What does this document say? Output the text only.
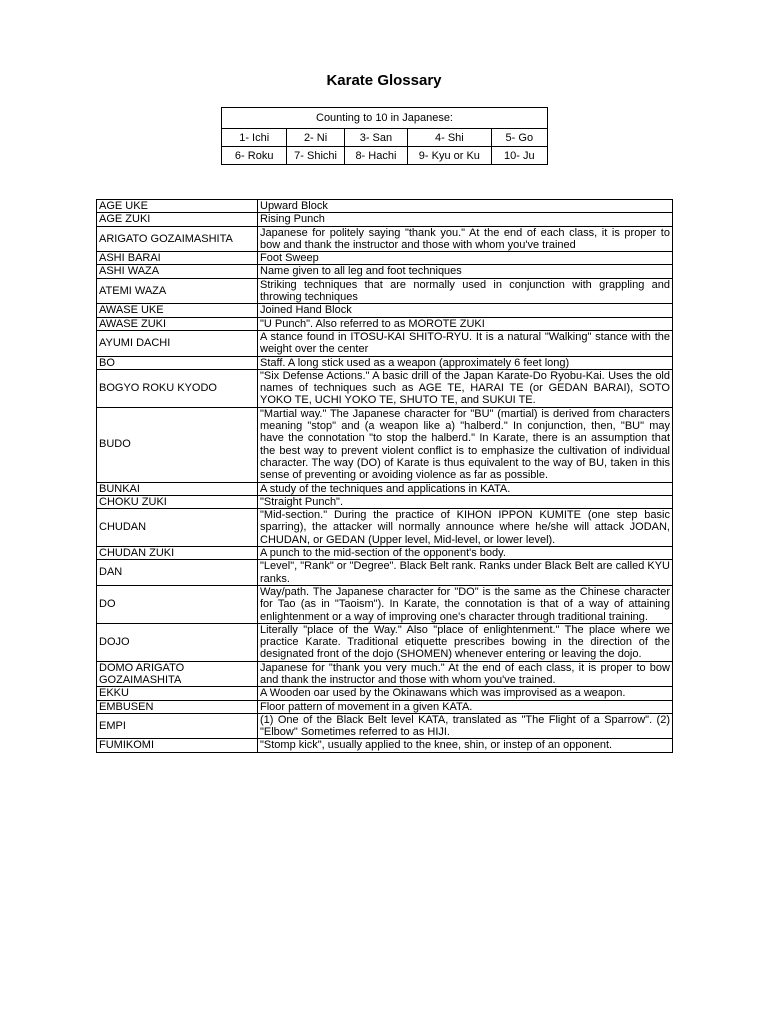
Karate Glossary
Counting to 10 in Japanese:				
1- Ichi	2- Ni	3- San	4- Shi	5- Go
6- Roku	7- Shichi	8- Hachi	9- Kyu or Ku	10- Ju
AGE UKE	Upward Block
AGE ZUKI	Rising Punch
ARIGATO GOZAIMASHITA	Japanese for politely saying "thank you." At the end of each class, it is proper to bow and thank the instructor and those with whom you've trained
ASHI BARAI	Foot Sweep
ASHI WAZA	Name given to all leg and foot techniques
ATEMI WAZA	Striking techniques that are normally used in conjunction with grappling and throwing techniques
AWASE UKE	Joined Hand Block
AWASE ZUKI	"U Punch". Also referred to as MOROTE ZUKI
AYUMI DACHI	A stance found in ITOSU-KAI SHITO-RYU. It is a natural "Walking" stance with the weight over the center
BO	Staff. A long stick used as a weapon (approximately 6 feet long)
BOGYO ROKU KYODO	"Six Defense Actions." A basic drill of the Japan Karate-Do Ryobu-Kai. Uses the old names of techniques such as AGE TE, HARAI TE (or GEDAN BARAI), SOTO YOKO TE, UCHI YOKO TE, SHUTO TE, and SUKUI TE.
BUDO	"Martial way." The Japanese character for "BU" (martial) is derived from characters meaning "stop" and (a weapon like a) "halberd." In conjunction, then, "BU" may have the connotation "to stop the halberd." In Karate, there is an assumption that the best way to prevent violent conflict is to emphasize the cultivation of individual character. The way (DO) of Karate is thus equivalent to the way of BU, taken in this sense of preventing or avoiding violence as far as possible.
BUNKAI	A study of the techniques and applications in KATA.
CHOKU ZUKI	"Straight Punch".
CHUDAN	"Mid-section." During the practice of KIHON IPPON KUMITE (one step basic sparring), the attacker will normally announce where he/she will attack JODAN, CHUDAN, or GEDAN (Upper level, Mid-level, or lower level).
CHUDAN ZUKI	A punch to the mid-section of the opponent's body.
DAN	"Level", "Rank" or "Degree". Black Belt rank. Ranks under Black Belt are called KYU ranks.
DO	Way/path. The Japanese character for "DO" is the same as the Chinese character for Tao (as in "Taoism"). In Karate, the connotation is that of a way of attaining enlightenment or a way of improving one's character through traditional training.
DOJO	Literally "place of the Way." Also "place of enlightenment." The place where we practice Karate. Traditional etiquette prescribes bowing in the direction of the designated front of the dojo (SHOMEN) whenever entering or leaving the dojo.
DOMO ARIGATO GOZAIMASHITA	Japanese for "thank you very much." At the end of each class, it is proper to bow and thank the instructor and those with whom you've trained.
EKKU	A Wooden oar used by the Okinawans which was improvised as a weapon.
EMBUSEN	Floor pattern of movement in a given KATA.
EMPI	(1) One of the Black Belt level KATA, translated as "The Flight of a Sparrow". (2) "Elbow" Sometimes referred to as HIJI.
FUMIKOMI	"Stomp kick", usually applied to the knee, shin, or instep of an opponent.
